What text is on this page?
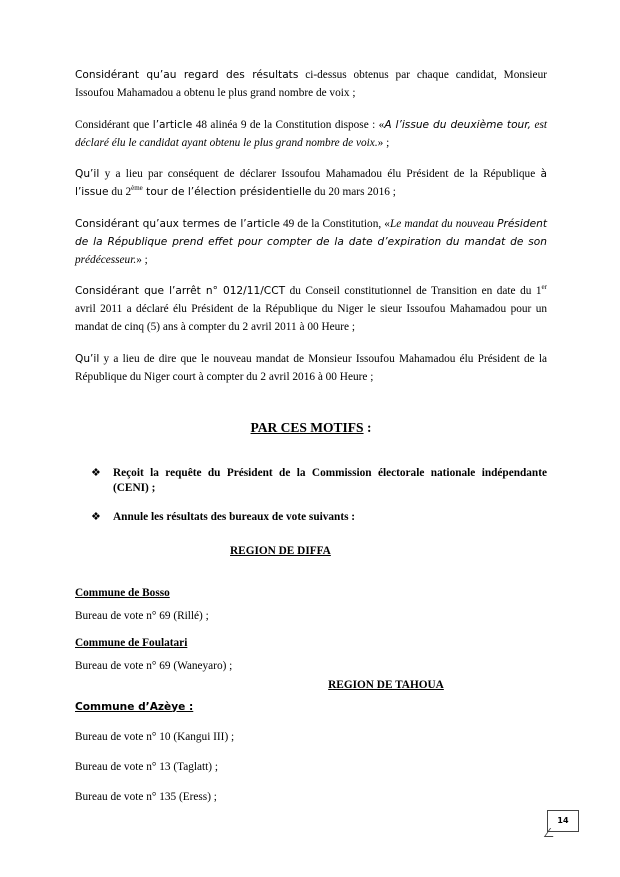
Considérant qu’au regard des résultats ci-dessus obtenus par chaque candidat, Monsieur Issoufou Mahamadou a obtenu le plus grand nombre de voix ;

Considérant que l’article 48 alinéa 9 de la Constitution dispose : «A l’issue du deuxième tour, est déclaré élu le candidat ayant obtenu le plus grand nombre de voix.» ;

Qu’il y a lieu par conséquent de déclarer Issoufou Mahamadou élu Président de la République à l’issue du 2ème tour de l’élection présidentielle du 20 mars 2016 ;

Considérant qu’aux termes de l’article 49 de la Constitution, «Le mandat du nouveau Président de la République prend effet pour compter de la date d’expiration du mandat de son prédécesseur.» ;

Considérant que l’arrêt n° 012/11/CCT du Conseil constitutionnel de Transition en date du 1er avril 2011 a déclaré élu Président de la République du Niger le sieur Issoufou Mahamadou pour un mandat de cinq (5) ans à compter du 2 avril 2011 à 00 Heure ;

Qu’il y a lieu de dire que le nouveau mandat de Monsieur Issoufou Mahamadou élu Président de la République du Niger court à compter du 2 avril 2016 à 00 Heure ;

PAR CES MOTIFS :
❖ Reçoit la requête du Président de la Commission électorale nationale indépendante (CENI) ;
❖ Annule les résultats des bureaux de vote suivants :
REGION DE DIFFA
Commune de Bosso
Bureau de vote n° 69 (Rillé) ;
Commune de Foulatari
Bureau de vote n° 69 (Waneyaro) ;
REGION DE TAHOUA
Commune d’Azèye :
Bureau de vote n° 10 (Kangui III) ;
Bureau de vote n° 13 (Taglatt) ;
Bureau de vote n° 135 (Eress) ;
14
